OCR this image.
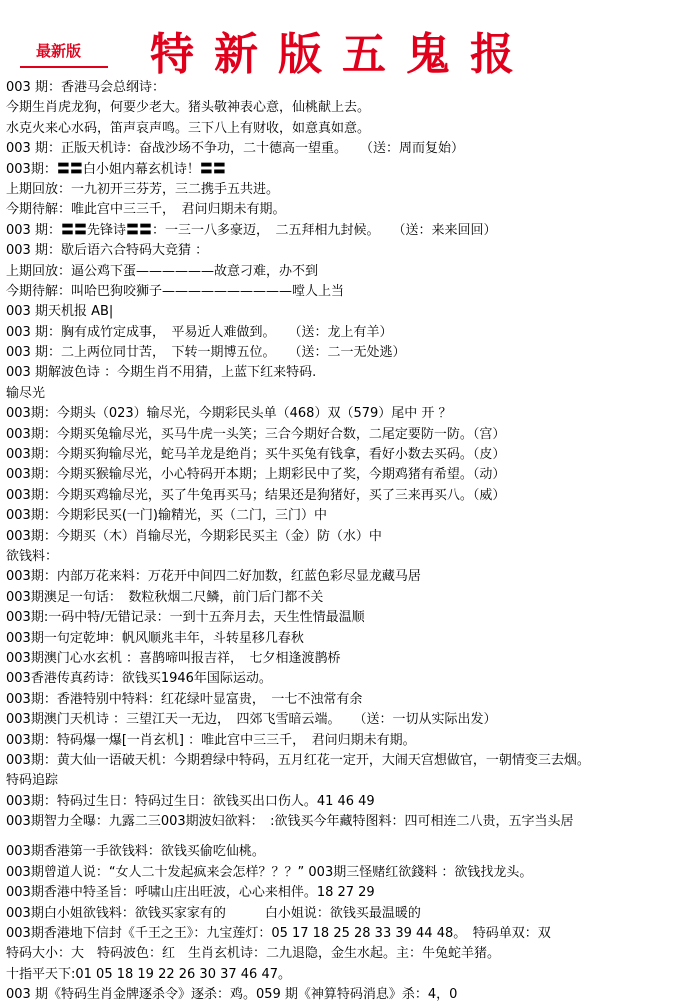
最新版 特新版五鬼报
003 期：香港马会总纲诗：
今期生肖虎龙狗，何要少老大。猪头敬神表心意，仙桃献上去。
水克火来心水码，笛声哀声鸣。三下八上有财收，如意真如意。
003 期：正版天机诗：奋战沙场不争功，二十德高一望重。　　（送：周而复始）
003期：〓〓白小姐内幕玄机诗！〓〓
上期回放：一九初开三芬芳，三二携手五共进。
今期待解：唯此宫中三三千，　君问归期未有期。
003 期：〓〓先锋诗〓〓：一三一八多豪迈，　二五拜相九封候。　　（送：来来回回）
003 期：歇后语六合特码大竞猜 ：
上期回放：逼公鸡下蛋——————故意刁难，办不到
今期待解：叫哈巴狗咬狮子——————————嘡人上当
003 期天机报 AB|
003 期：胸有成竹定成事，　平易近人难做到。　　（送：龙上有羊）
003 期：二上两位同廿苦，　下转一期博五位。　　（送：二一无处逃）
003 期解波色诗 ：今期生肖不用猜，上蓝下红来特码.
输尽光
003期：今期头（023）输尽光，今期彩民头单（468）双（579）尾中 开 ？
003期：今期买兔输尽光，买马牛虎一头笑；三合今期好合数，二尾定要防一防。（宫）
003期：今期买狗输尽光，蛇马羊龙是绝肖；买牛买兔有钱拿，看好小数去买码。（皮）
003期：今期买猴输尽光，小心特码开本期；上期彩民中了奖，今期鸡猪有希望。（动）
003期：今期买鸡输尽光，买了牛兔再买马；结果还是狗猪好，买了三来再买八。（威）
003期：今期彩民买(一门)输精光，买（二门，三门）中
003期：今期买（木）肖输尽光，今期彩民买主（金）防（水）中
欲钱料：
003期：内部万花来料：万花开中间四二好加数，红蓝色彩尽显龙藏马居
003期澳足一句话：　数粒秋烟二尺鳞，前门后门都不关
003期:一码中特/无错记录：一到十五奔月去，天生性情最温顺
003期一句定乾坤：帆风顺兆丰年，斗转星移几春秋
003期澳门心水玄机 ：喜鹊啼叫报吉祥，　七夕相逢渡鹊桥
003香港传真药诗：欲钱买1946年国际运动。
003期：香港特别中特料：红花绿叶显富贵，　一七不浊常有余
003期澳门天机诗 ：三望江天一无边，　四郊飞雪暗云端。　　（送：一切从实际出发）
003期：特码爆一爆[一肖玄机] ：唯此宫中三三千，　君问归期未有期。
003期：黄大仙一语破天机：今期碧绿中特码，五月红花一定开，大闹天宫想做官，一朝情变三去烟。
特码追踪
003期：特码过生日：特码过生日：欲钱买出口伤人。41 46 49
003期智力全曝：九露二三003期波妇欲料：　:欲钱买今年藏特图料：四可相连二八贵，五字当头居
003期香港第一手欲钱料：欲钱买偷吃仙桃。
003期曾道人说：“女人二十发起疯来会怎样？？？” 003期三怪赌红欲錢料 ：欲钱找龙头。
003期香港中特圣旨：呼啸山庄出旺波，心心来相伴。18 27 29
003期白小姐欲钱料：欲钱买家家有的　　　白小姐说：欲钱买最温暖的
003期香港地下信封《千王之王》：九宝莲灯：05 17 18 25 28 33 39 44 48。　特码单双：双
特码大小：大　特码波色：红　生肖玄机诗：二九退隐，金生水起。主：牛兔蛇羊猪。
十指平天下:01 05 18 19 22 26 30 37 46 47。
003 期《特码生肖金牌逐杀令》逐杀：鸡。059 期《神算特码消息》杀：4，0
